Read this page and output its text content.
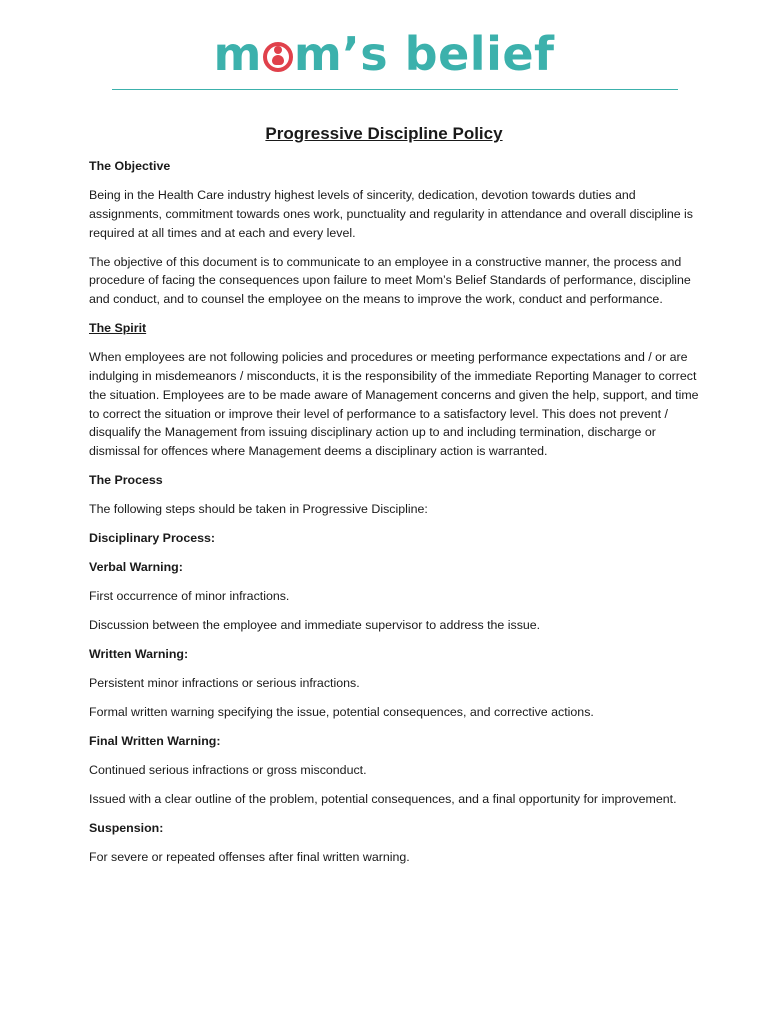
m m’s belief
Progressive Discipline Policy

The Objective

Being in the Health Care industry highest levels of sincerity, dedication, devotion towards duties and assignments, commitment towards ones work, punctuality and regularity in attendance and overall discipline is required at all times and at each and every level.

The objective of this document is to communicate to an employee in a constructive manner, the process and procedure of facing the consequences upon failure to meet Mom’s Belief Standards of performance, discipline and conduct, and to counsel the employee on the means to improve the work, conduct and performance.

The Spirit

When employees are not following policies and procedures or meeting performance expectations and / or are indulging in misdemeanors / misconducts, it is the responsibility of the immediate Reporting Manager to correct the situation. Employees are to be made aware of Management concerns and given the help, support, and time to correct the situation or improve their level of performance to a satisfactory level. This does not prevent / disqualify the Management from issuing disciplinary action up to and including termination, discharge or dismissal for offences where Management deems a disciplinary action is warranted.

The Process

The following steps should be taken in Progressive Discipline:

Disciplinary Process:

Verbal Warning:

First occurrence of minor infractions.

Discussion between the employee and immediate supervisor to address the issue.

Written Warning:

Persistent minor infractions or serious infractions.

Formal written warning specifying the issue, potential consequences, and corrective actions.

Final Written Warning:

Continued serious infractions or gross misconduct.

Issued with a clear outline of the problem, potential consequences, and a final opportunity for improvement.

Suspension:

For severe or repeated offenses after final written warning.
